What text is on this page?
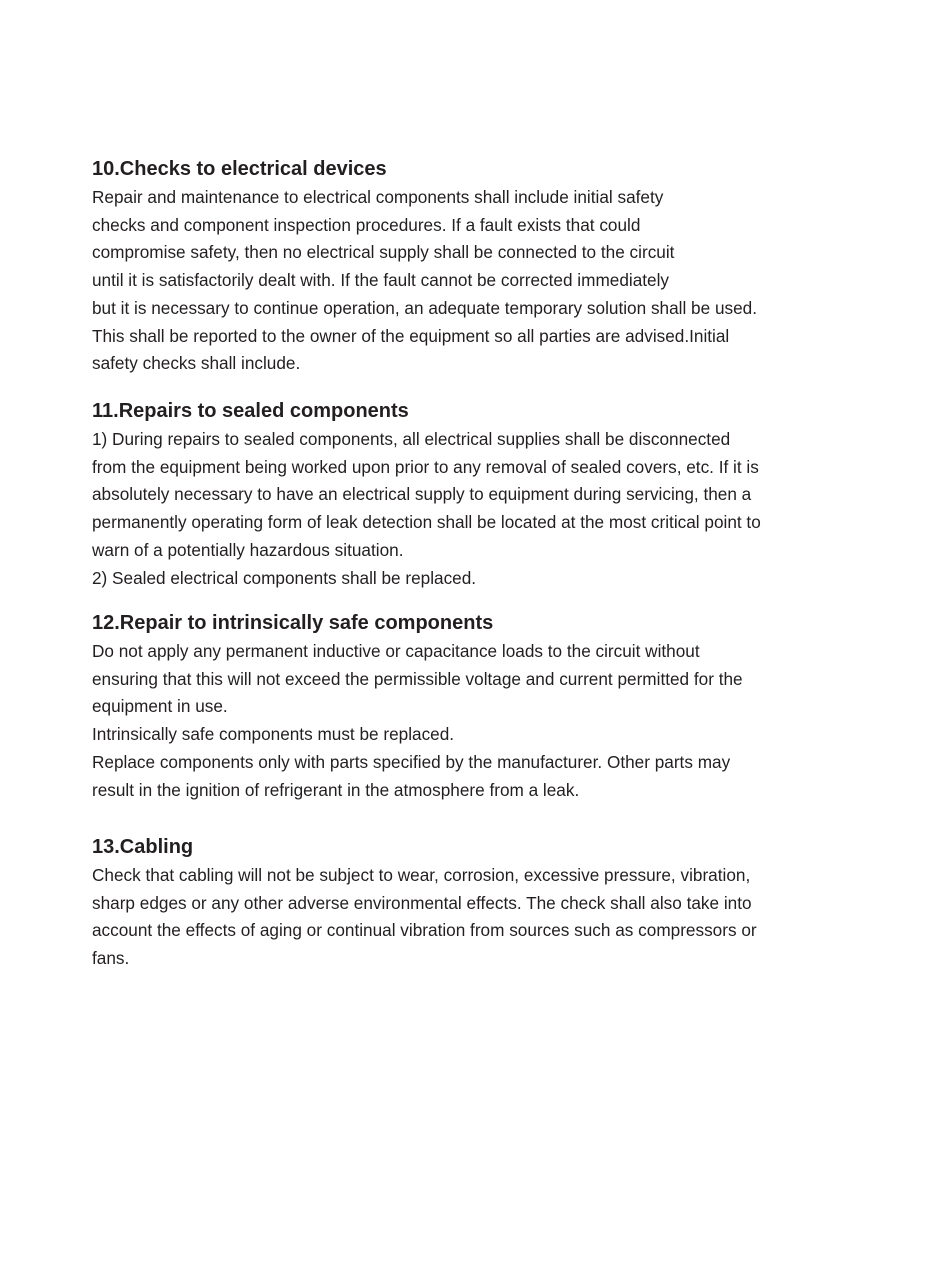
10.Checks to electrical devices

Repair and maintenance to electrical components shall include initial safety

checks and component inspection procedures. If a fault exists that could

compromise safety, then no electrical supply shall be connected to the circuit

until it is satisfactorily dealt with. If the fault cannot be corrected immediately

but it is necessary to continue operation, an adequate temporary solution shall be used.

This shall be reported to the owner of the equipment so all parties are advised.Initial

safety checks shall include.

11.Repairs to sealed components

1) During repairs to sealed components, all electrical supplies shall be disconnected

from the equipment being worked upon prior to any removal of sealed covers, etc. If it is

absolutely necessary to have an electrical supply to equipment during servicing, then a

permanently operating form of leak detection shall be located at the most critical point to

warn of a potentially hazardous situation.

2) Sealed electrical components shall be replaced.

12.Repair to intrinsically safe components

Do not apply any permanent inductive or capacitance loads to the circuit without

ensuring that this will not exceed the permissible voltage and current permitted for the

equipment in use.

Intrinsically safe components must be replaced.

Replace components only with parts specified by the manufacturer. Other parts may

result in the ignition of refrigerant in the atmosphere from a leak.

13.Cabling

Check that cabling will not be subject to wear, corrosion, excessive pressure, vibration,

sharp edges or any other adverse environmental effects. The check shall also take into

account the effects of aging or continual vibration from sources such as compressors or

fans.
